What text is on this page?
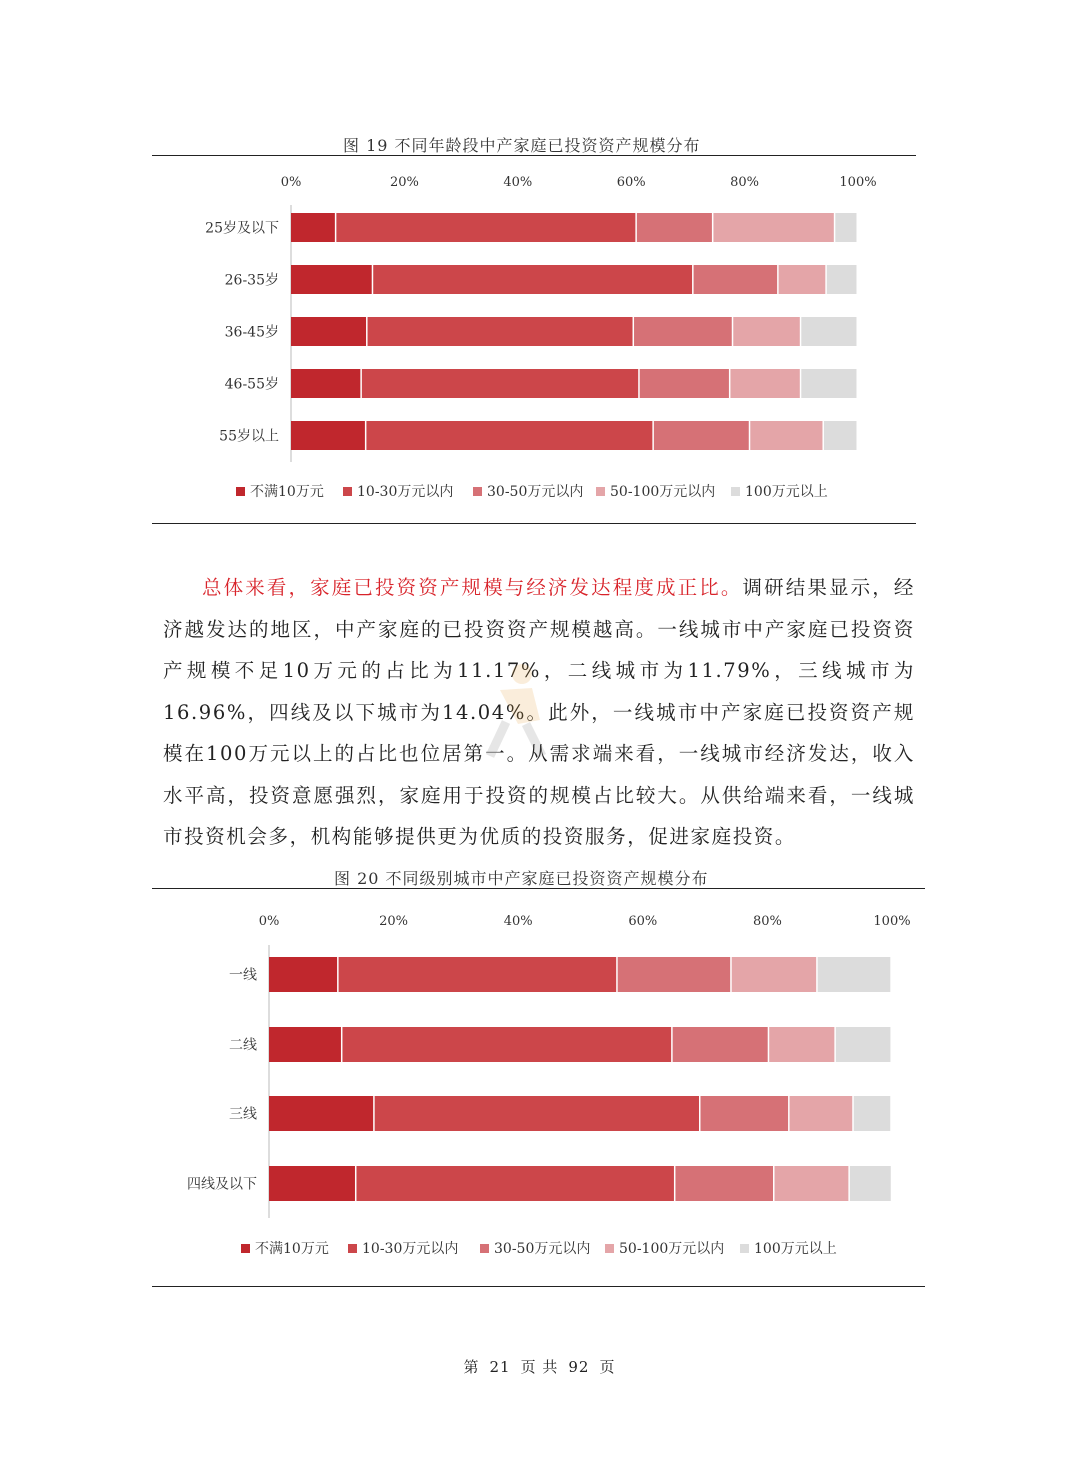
图 19 不同年龄段中产家庭已投资资产规模分布
0%	20%	40%	60%	80%	100%
25岁及以下
26-35岁
36-45岁
46-55岁
55岁以上
不满10万元 10-30万元以内 30-50万元以内 50-100万元以内 100万元以上

总体来看，家庭已投资资产规模与经济发达程度成正比。调研结果显示，经济越发达的地区，中产家庭的已投资资产规模越高。一线城市中产家庭已投资资产规模不足10万元的占比为11.17%，二线城市为11.79%，三线城市为16.96%，四线及以下城市为14.04%。此外，一线城市中产家庭已投资资产规模在100万元以上的占比也位居第一。从需求端来看，一线城市经济发达，收入水平高，投资意愿强烈，家庭用于投资的规模占比较大。从供给端来看，一线城市投资机会多，机构能够提供更为优质的投资服务，促进家庭投资。

图 20 不同级别城市中产家庭已投资资产规模分布
0%	20%	40%	60%	80%	100%
一线
二线
三线
四线及以下
不满10万元 10-30万元以内	30-50万元以内 50-100万元以内 100万元以上
第 21 页 共 92 页
